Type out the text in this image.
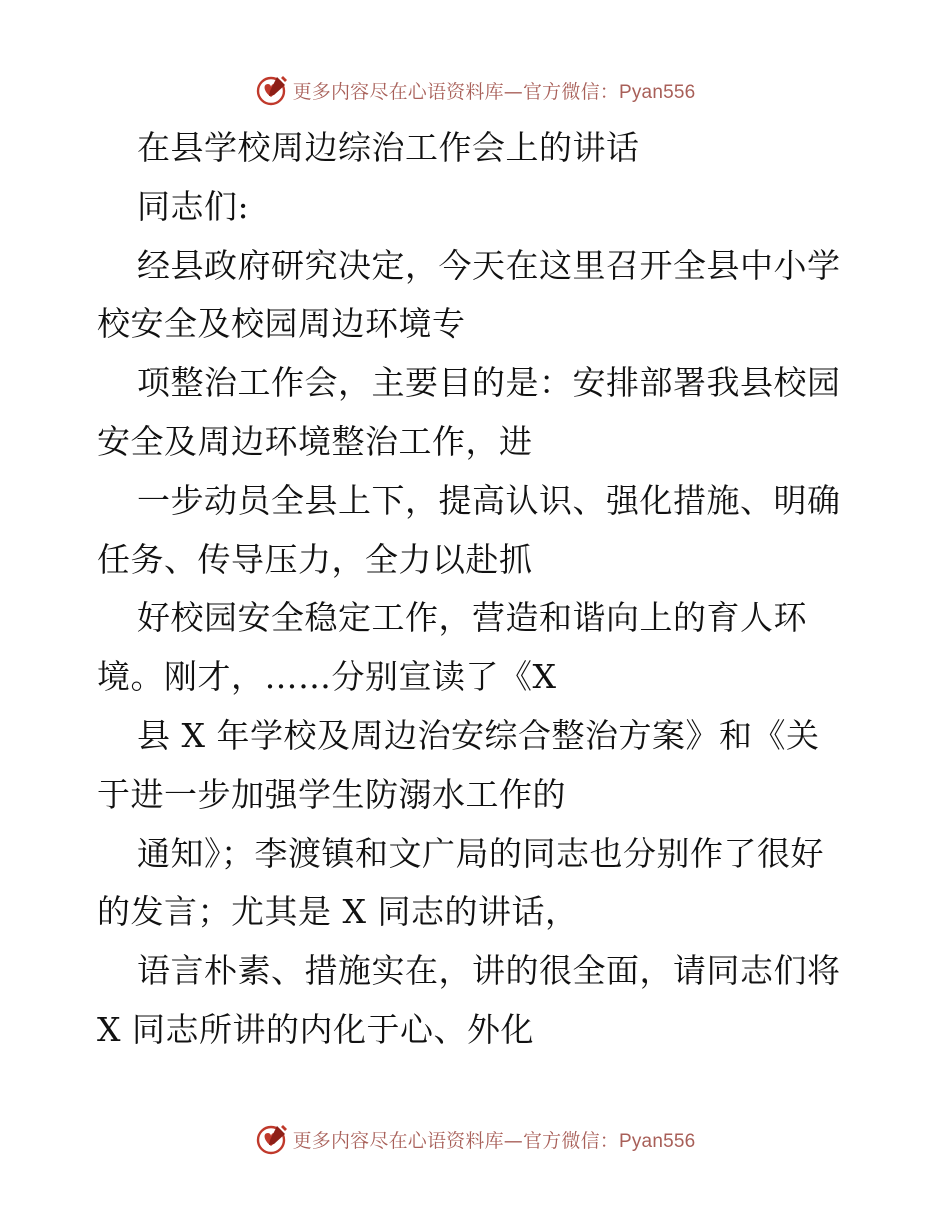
更多内容尽在心语资料库—官方微信：Pyan556
在县学校周边综治工作会上的讲话
同志们:
经县政府研究决定，今天在这里召开全县中小学
校安全及校园周边环境专
项整治工作会，主要目的是：安排部署我县校园
安全及周边环境整治工作，进
一步动员全县上下，提高认识、强化措施、明确
任务、传导压力，全力以赴抓
好校园安全稳定工作，营造和谐向上的育人环
境。刚才，……分别宣读了《X
县 X 年学校及周边治安综合整治方案》和《关
于进一步加强学生防溺水工作的
通知》；李渡镇和文广局的同志也分别作了很好
的发言；尤其是 X 同志的讲话，
语言朴素、措施实在，讲的很全面，请同志们将
X 同志所讲的内化于心、外化
更多内容尽在心语资料库—官方微信：Pyan556
